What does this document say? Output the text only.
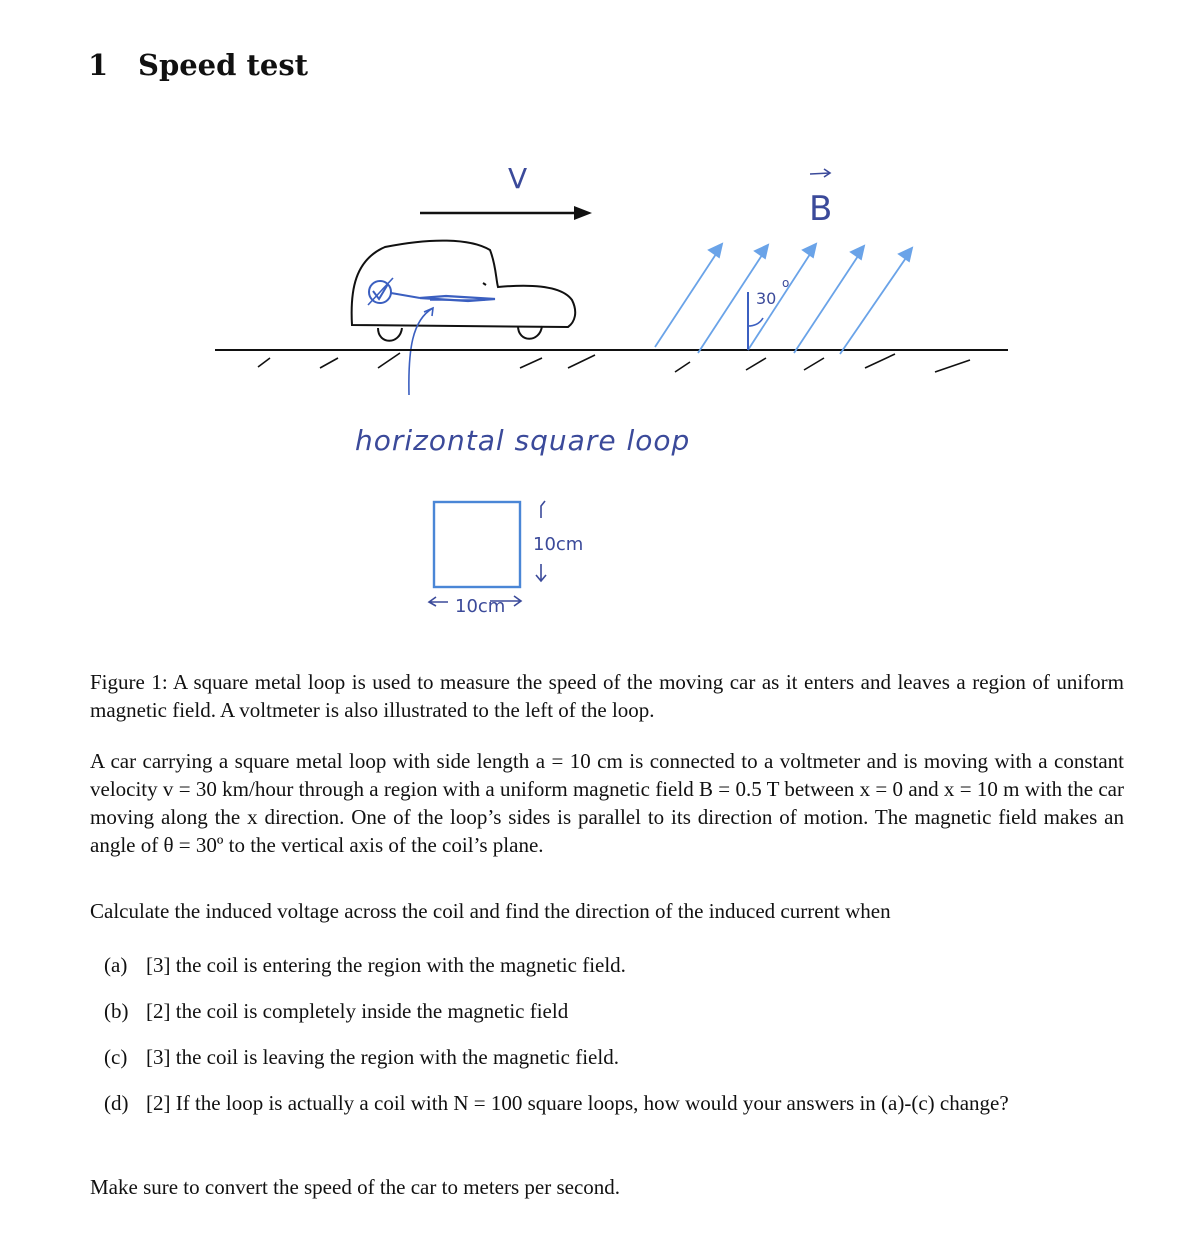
1 Speed test
V
30
o
B
horizontal square loop
10cm
10cm
Figure 1: A square metal loop is used to measure the speed of the moving car as it enters and leaves a region of uniform magnetic field. A voltmeter is also illustrated to the left of the loop.
A car carrying a square metal loop with side length a = 10 cm is connected to a voltmeter and is moving with a constant velocity v = 30 km/hour through a region with a uniform magnetic field B = 0.5 T between x = 0 and x = 10 m with the car moving along the x direction. One of the loop’s sides is parallel to its direction of motion. The magnetic field makes an angle of θ = 30º to the vertical axis of the coil’s plane.
Calculate the induced voltage across the coil and find the direction of the induced current when
(a) [3] the coil is entering the region with the magnetic field.
(b) [2] the coil is completely inside the magnetic field
(c) [3] the coil is leaving the region with the magnetic field.
(d) [2] If the loop is actually a coil with N = 100 square loops, how would your answers in (a)-(c) change?
Make sure to convert the speed of the car to meters per second.
